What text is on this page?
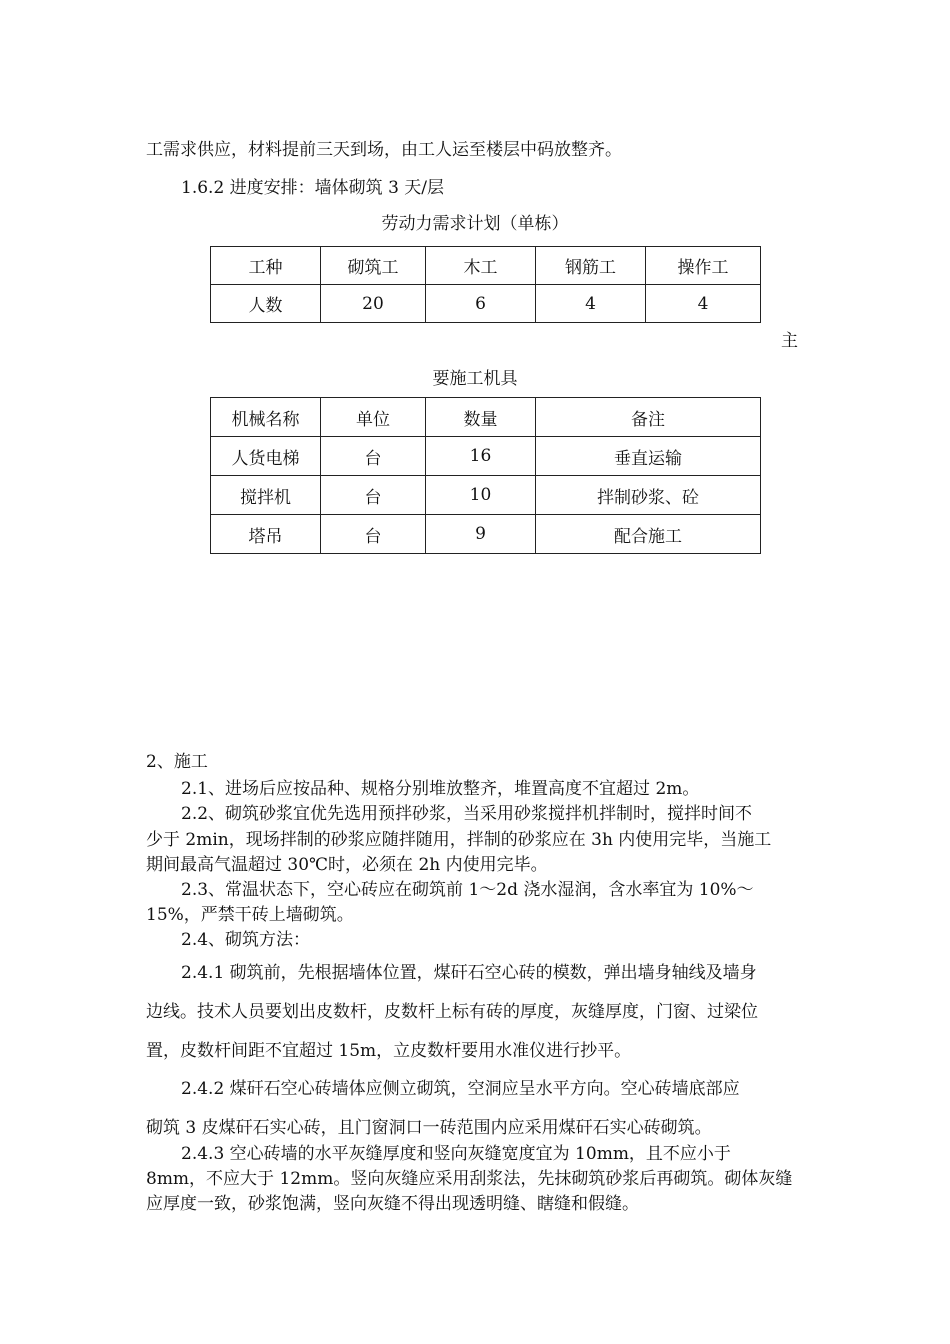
工需求供应，材料提前三天到场，由工人运至楼层中码放整齐。
1.6.2 进度安排：墙体砌筑 3 天/层
劳动力需求计划（单栋）
工种	砌筑工	木工	钢筋工	操作工
人数	20	6	4	4
主
要施工机具
机械名称	单位	数量	备注
人货电梯	台	16	垂直运输
搅拌机	台	10	拌制砂浆、砼
塔吊	台	9	配合施工
2、施工
2.1、进场后应按品种、规格分别堆放整齐，堆置高度不宜超过 2m。
2.2、砌筑砂浆宜优先选用预拌砂浆，当采用砂浆搅拌机拌制时，搅拌时间不
少于 2min，现场拌制的砂浆应随拌随用，拌制的砂浆应在 3h 内使用完毕，当施工
期间最高气温超过 30℃时，必须在 2h 内使用完毕。
2.3、常温状态下，空心砖应在砌筑前 1～2d 浇水湿润，含水率宜为 10%～
15%，严禁干砖上墙砌筑。
2.4、砌筑方法：
2.4.1 砌筑前，先根据墙体位置，煤矸石空心砖的模数，弹出墙身轴线及墙身
边线。技术人员要划出皮数杆，皮数杆上标有砖的厚度，灰缝厚度，门窗、过梁位
置，皮数杆间距不宜超过 15m，立皮数杆要用水准仪进行抄平。
2.4.2 煤矸石空心砖墙体应侧立砌筑，空洞应呈水平方向。空心砖墙底部应
砌筑 3 皮煤矸石实心砖，且门窗洞口一砖范围内应采用煤矸石实心砖砌筑。
2.4.3 空心砖墙的水平灰缝厚度和竖向灰缝宽度宜为 10mm，且不应小于
8mm，不应大于 12mm。竖向灰缝应采用刮浆法，先抹砌筑砂浆后再砌筑。砌体灰缝
应厚度一致，砂浆饱满，竖向灰缝不得出现透明缝、瞎缝和假缝。
